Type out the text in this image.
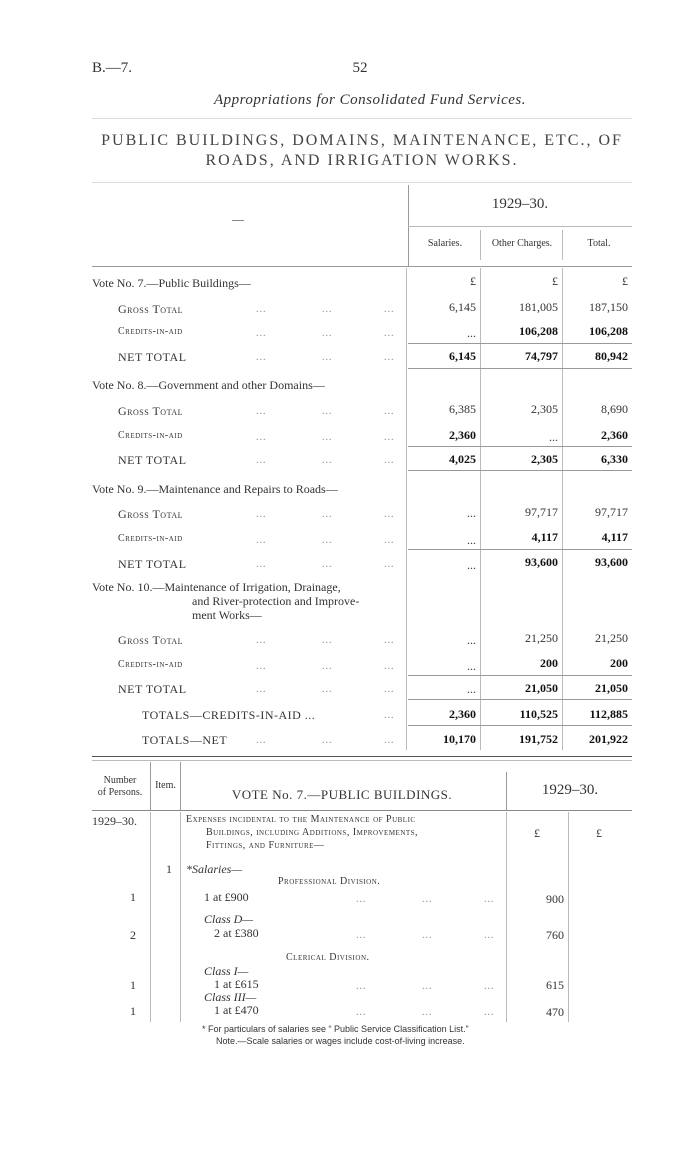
B.—7.	52
Appropriations for Consolidated Fund Services.
PUBLIC BUILDINGS, DOMAINS, MAINTENANCE, ETC., OF
ROADS, AND IRRIGATION WORKS.
—
1929–30.
Salaries.	Other Charges.	Total.
Vote No. 7.—Public Buildings—	£	£	£
Gross Total	...	...	...	6,145	181,005	187,150
Credits-in-aid	...	...	...	...	106,208	106,208
NET TOTAL	...	...	...	6,145	74,797	80,942
Vote No. 8.—Government and other Domains—
Gross Total	...	...	...	6,385	2,305	8,690
Credits-in-aid	...	...	...	2,360	...	2,360
NET TOTAL	...	...	...	4,025	2,305	6,330
Vote No. 9.—Maintenance and Repairs to Roads—
Gross Total	...	...	...	...	97,717	97,717
Credits-in-aid	...	...	...	...	4,117	4,117
NET TOTAL	...	...	...	...	93,600	93,600
Vote No. 10.—Maintenance of Irrigation, Drainage,
and River-protection and Improve-
ment Works—
Gross Total	...	...	...	...	21,250	21,250
Credits-in-aid	...	...	...	...	200	200
NET TOTAL	...	...	...	...	21,050	21,050
TOTALS—CREDITS-IN-AID ...	...	2,360	110,525	112,885
TOTALS—NET	...	...	...	10,170	191,752	201,922
Number
of Persons.
Item.
VOTE No. 7.—PUBLIC BUILDINGS.	1929–30.
1929–30.	Expenses incidental to the Maintenance of Public
Buildings, including Additions, Improvements,
Fittings, and Furniture—
£	£
1 *Salaries—
Professional Division.
1	1 at £900	...	...	...	900
Class D—
2	2 at £380	...	...	...	760
Clerical Division.
Class I—
1	1 at £615	...	...	...	615
Class III—
1	1 at £470	...	...	...	470
* For particulars of salaries see “ Public Service Classification List.”
Note.—Scale salaries or wages include cost-of-living increase.
